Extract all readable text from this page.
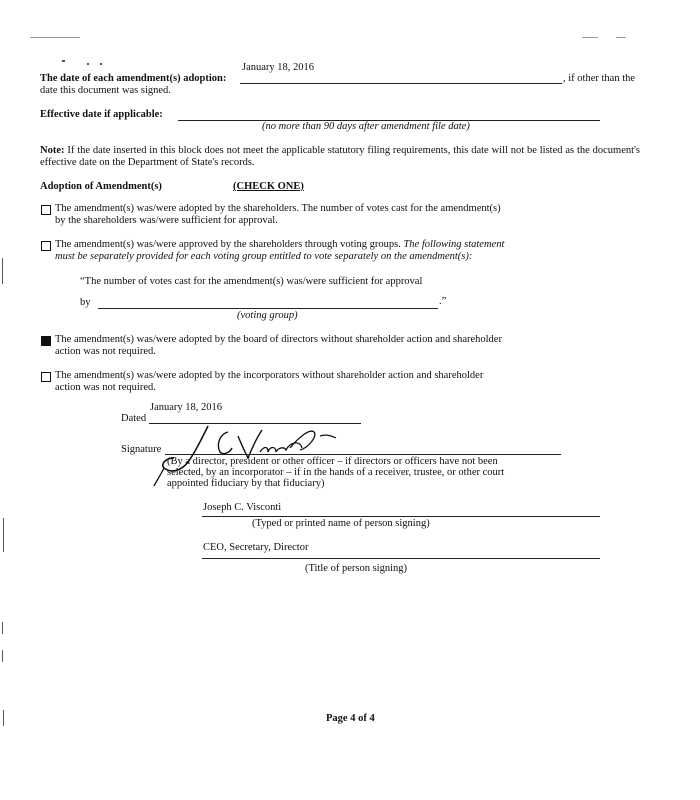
January 18, 2016
The date of each amendment(s) adoption:	, if other than the
date this document was signed.
Effective date if applicable:
(no more than 90 days after amendment file date)
Note: If the date inserted in this block does not meet the applicable statutory filing requirements, this date will not be listed as the document's effective date on the Department of State's records.
Adoption of Amendment(s)	(CHECK ONE)
The amendment(s) was/were adopted by the shareholders. The number of votes cast for the amendment(s)
by the shareholders was/were sufficient for approval.
The amendment(s) was/were approved by the shareholders through voting groups. The following statement
must be separately provided for each voting group entitled to vote separately on the amendment(s):
“The number of votes cast for the amendment(s) was/were sufficient for approval
by	.”
(voting group)
The amendment(s) was/were adopted by the board of directors without shareholder action and shareholder
action was not required.
The amendment(s) was/were adopted by the incorporators without shareholder action and shareholder
action was not required.
January 18, 2016
Dated
Signature
(By a director, president or other officer – if directors or officers have not been
selected, by an incorporator – if in the hands of a receiver, trustee, or other court
appointed fiduciary by that fiduciary)
Joseph C. Visconti
(Typed or printed name of person signing)
CEO, Secretary, Director
(Title of person signing)
Page 4 of 4
